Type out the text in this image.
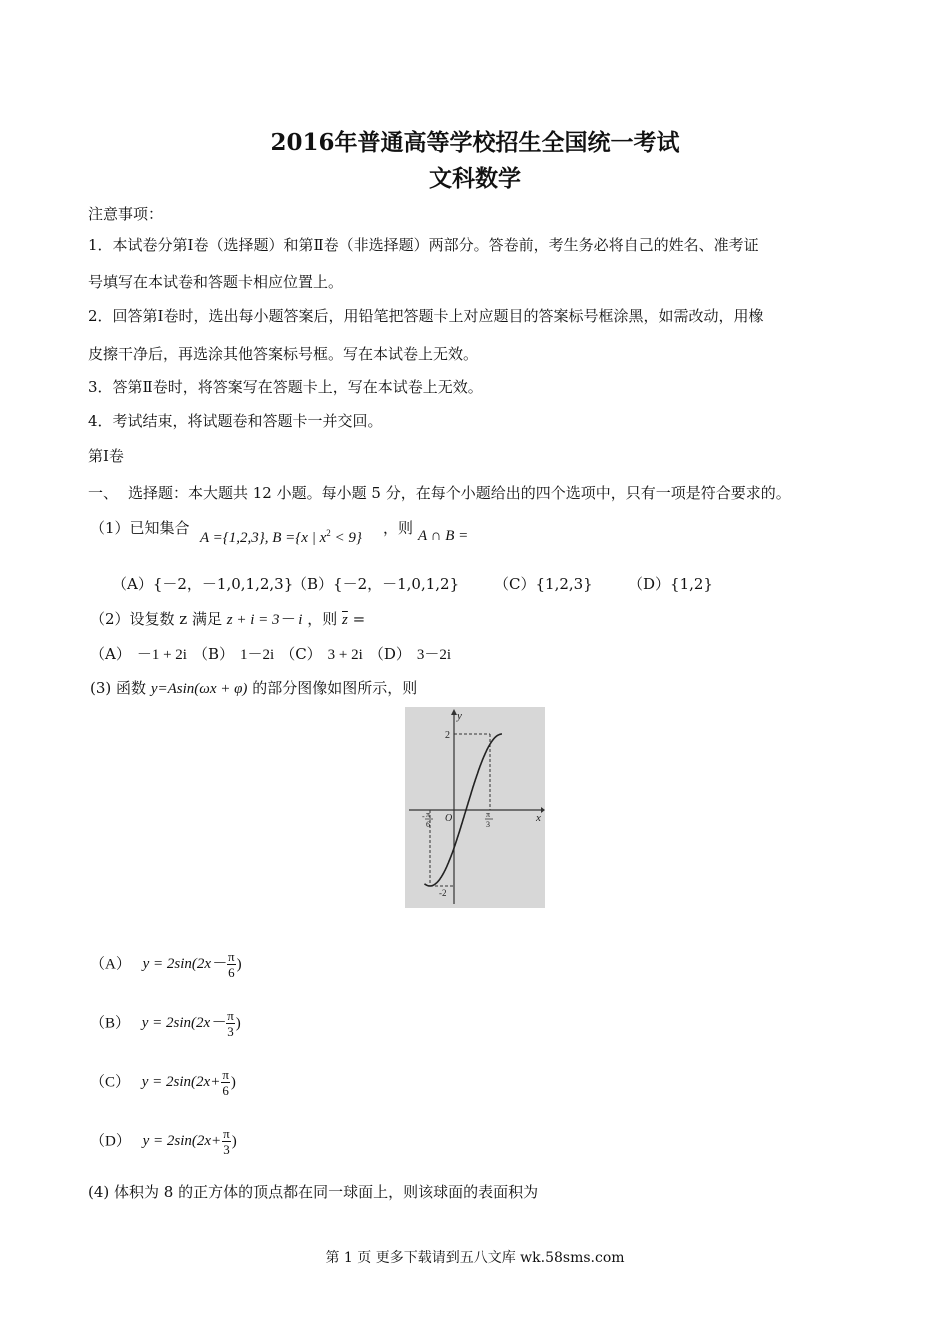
2016年普通高等学校招生全国统一考试
文科数学
注意事项：
1．本试卷分第Ⅰ卷（选择题）和第Ⅱ卷（非选择题）两部分。答卷前，考生务必将自己的姓名、准考证
号填写在本试卷和答题卡相应位置上。
2．回答第Ⅰ卷时，选出每小题答案后，用铅笔把答题卡上对应题目的答案标号框涂黑，如需改动，用橡
皮擦干净后，再选涂其他答案标号框。写在本试卷上无效。
3．答第Ⅱ卷时，将答案写在答题卡上，写在本试卷上无效。
4．考试结束，将试题卷和答题卡一并交回。
第Ⅰ卷
一、 选择题：本大题共 12 小题。每小题 5 分，在每个小题给出的四个选项中，只有一项是符合要求的。
（1）已知集合
A ={1,2,3}, B ={x | $x^2 < 9$}
， 则 A ∩ B =
（A）{－2，－1,0,1,2,3}
（B）{－2，－1,0,1,2} （C）{1,2,3} （D）{1,2}
（2）设复数 z 满足 z + i = 3－ i ，则 $\overline{z}$ =
（A） －1 + 2i （B） 1－2i （C） 3 + 2i （D） 3－2i
(3) 函数 y=Asin(ωx + φ) 的部分图像如图所示，则
y
x
O
2
-2
- π
6
π
3
（A） $y = 2\sin(2x- \frac{\pi}{6}$ )
（B） $y = 2\sin(2x- \frac{\pi}{3}$ )
（C） $y = 2\sin(2x+ \frac{\pi}{6}$ )
（D） $y = 2\sin(2x+ \frac{\pi}{3}$ )
(4) 体积为 8 的正方体的顶点都在同一球面上，则该球面的表面积为
第 1 页 更多下载请到五八文库 wk.58sms.com
